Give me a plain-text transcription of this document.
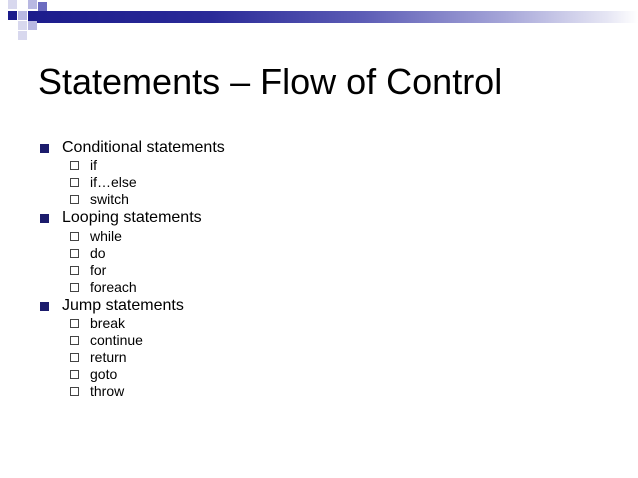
Statements – Flow of Control
Conditional statements
if
if…else
switch
Looping statements
while
do
for
foreach
Jump statements
break
continue
return
goto
throw
